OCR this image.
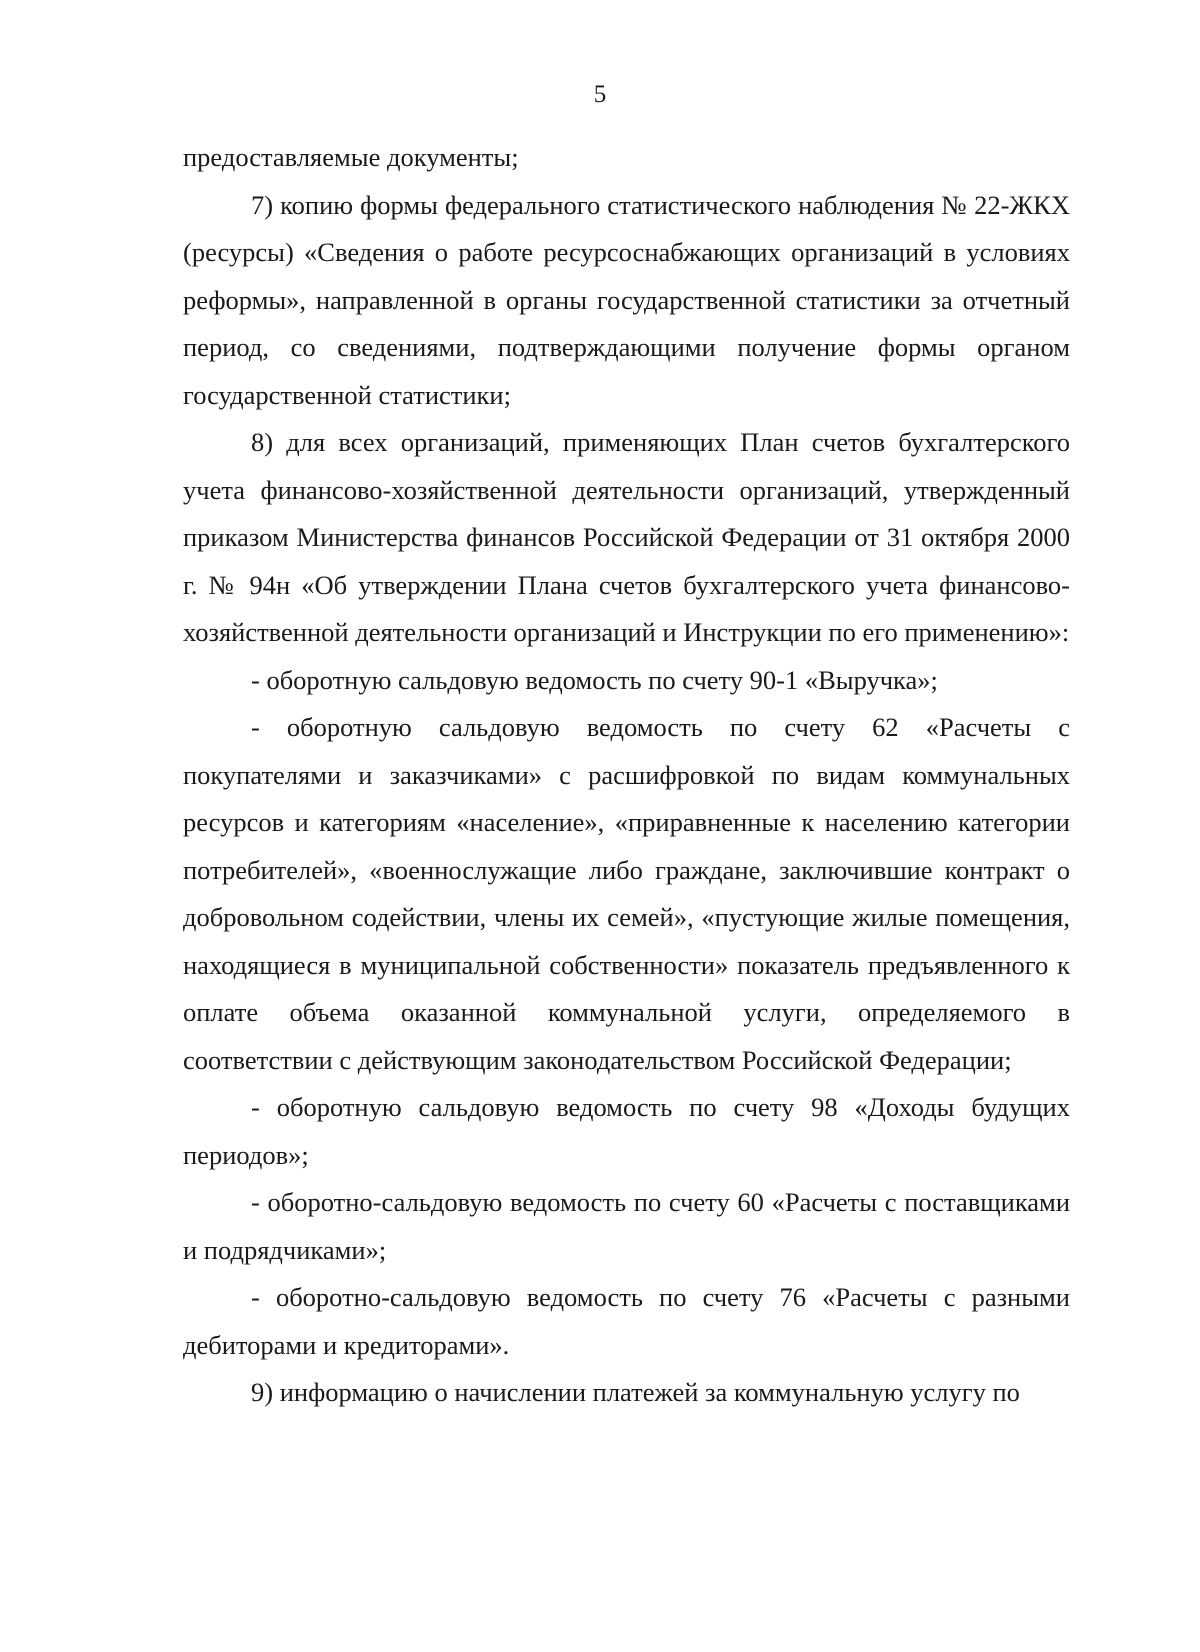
5

предоставляемые документы;

7) копию формы федерального статистического наблюдения № 22-ЖКХ (ресурсы) «Сведения о работе ресурсоснабжающих организаций в условиях реформы», направленной в органы государственной статистики за отчетный период, со сведениями, подтверждающими получение формы органом государственной статистики;

8) для всех организаций, применяющих План счетов бухгалтерского учета финансово-хозяйственной деятельности организаций, утвержденный приказом Министерства финансов Российской Федерации от 31 октября 2000 г. № 94н «Об утверждении Плана счетов бухгалтерского учета финансово-хозяйственной деятельности организаций и Инструкции по его применению»:

- оборотную сальдовую ведомость по счету 90-1 «Выручка»;

- оборотную сальдовую ведомость по счету 62 «Расчеты с покупателями и заказчиками» с расшифровкой по видам коммунальных ресурсов и категориям «население», «приравненные к населению категории потребителей», «военнослужащие либо граждане, заключившие контракт о добровольном содействии, члены их семей», «пустующие жилые помещения, находящиеся в муниципальной собственности» показатель предъявленного к оплате объема оказанной коммунальной услуги, определяемого в соответствии с действующим законодательством Российской Федерации;

- оборотную сальдовую ведомость по счету 98 «Доходы будущих периодов»;

- оборотно-сальдовую ведомость по счету 60 «Расчеты с поставщиками и подрядчиками»;

- оборотно-сальдовую ведомость по счету 76 «Расчеты с разными дебиторами и кредиторами».

9) информацию о начислении платежей за коммунальную услугу по
